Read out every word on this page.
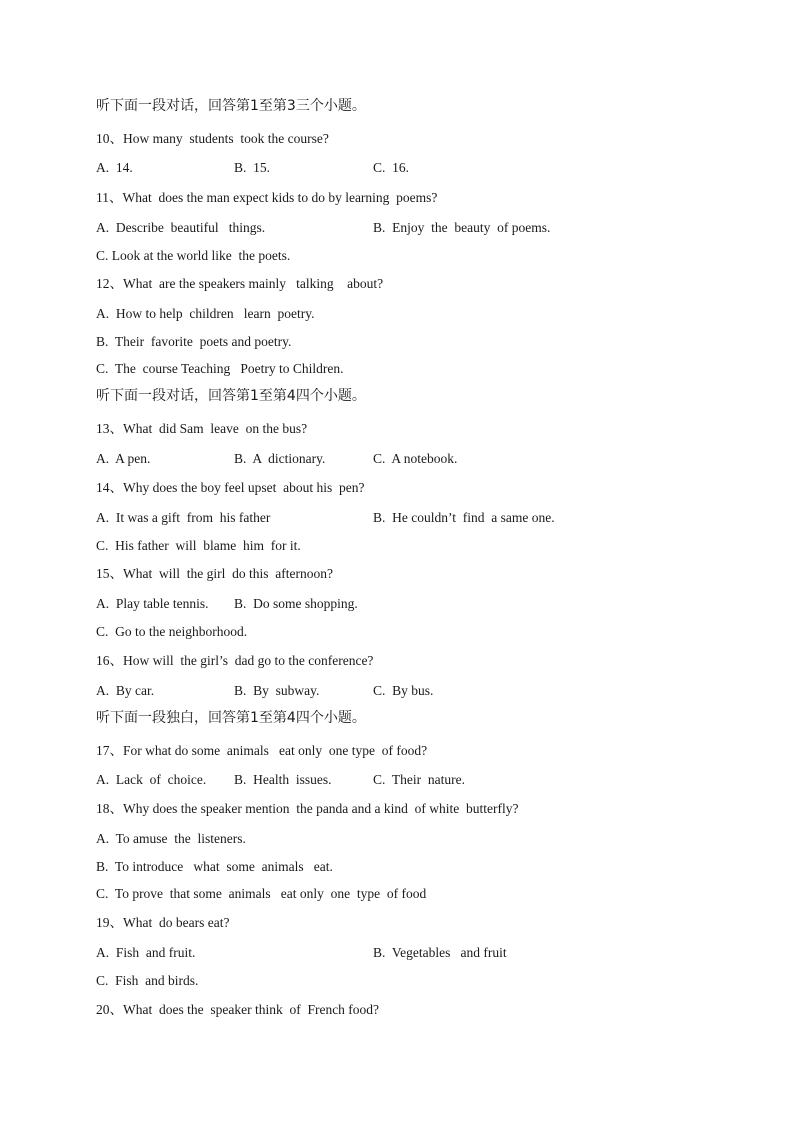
听下面一段对话，回答第1至第3三个小题。
10、How many  students  took the course?
A.  14.	B.  15.	C.  16.
11、What  does the man expect kids to do by learning  poems?
A.  Describe  beautiful   things.	B.  Enjoy  the  beauty  of poems.
C. Look at the world like  the poets.
12、What  are the speakers mainly   talking    about?
A.  How to help  children   learn  poetry.
B.  Their  favorite  poets and poetry.
C.  The  course Teaching   Poetry to Children.
听下面一段对话，回答第1至第4四个小题。
13、What  did Sam  leave  on the bus?
A.  A pen.	B.  A  dictionary.	C.  A notebook.
14、Why does the boy feel upset  about his  pen?
A.  It was a gift  from  his father	B.  He couldn’t  find  a same one.
C.  His father  will  blame  him  for it.
15、What  will  the girl  do this  afternoon?
A.  Play table tennis. B.  Do some shopping.
C.  Go to the neighborhood.
16、How will  the girl’s  dad go to the conference?
A.  By car.	B.  By  subway.	C.  By bus.
听下面一段独白，回答第1至第4四个小题。
17、For what do some  animals   eat only  one type  of food?
A.  Lack  of  choice. B.  Health  issues.	C.  Their  nature.
18、Why does the speaker mention  the panda and a kind  of white  butterfly?
A.  To amuse  the  listeners.
B.  To introduce   what  some  animals   eat.
C.  To prove  that some  animals   eat only  one  type  of food
19、What  do bears eat?
A.  Fish  and fruit.	B.  Vegetables   and fruit
C.  Fish  and birds.
20、What  does the  speaker think  of  French food?
